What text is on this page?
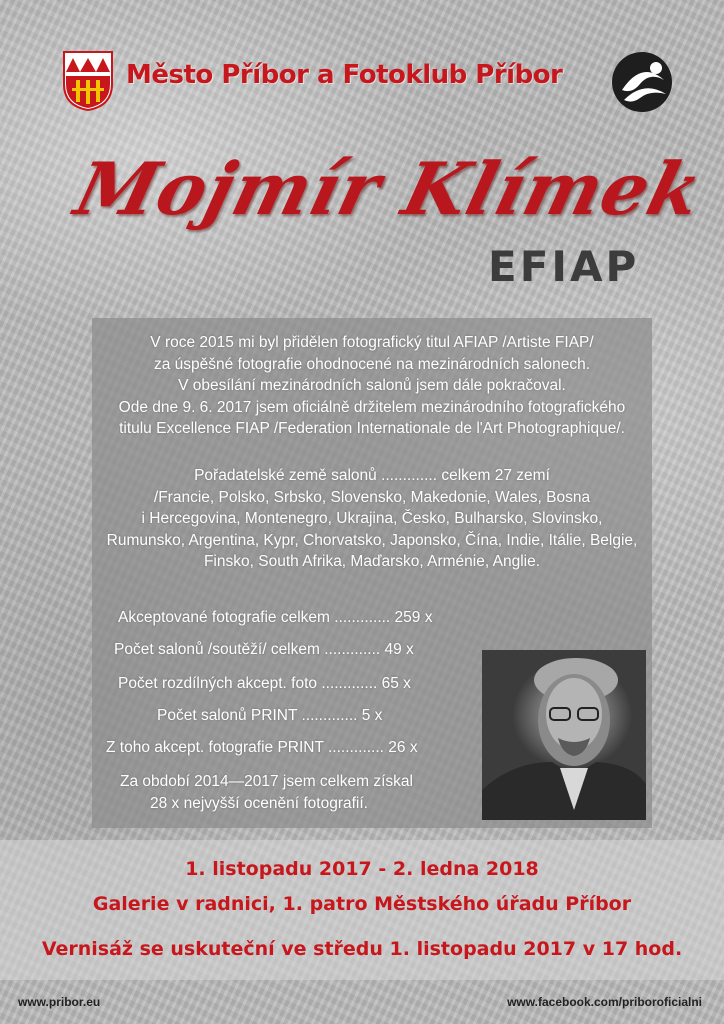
Město Příbor a Fotoklub Příbor
Mojmír Klímek
EFIAP
V roce 2015 mi byl přidělen fotografický titul AFIAP /Artiste FIAP/
za úspěšné fotografie ohodnocené na mezinárodních salonech.
V obesílání mezinárodních salonů jsem dále pokračoval.
Ode dne 9. 6. 2017 jsem oficiálně držitelem mezinárodního fotografického
titulu Excellence FIAP /Federation Internationale de l'Art Photographique/.
Pořadatelské země salonů ............. celkem 27 zemí
/Francie, Polsko, Srbsko, Slovensko, Makedonie, Wales, Bosna
i Hercegovina, Montenegro, Ukrajina, Česko, Bulharsko, Slovinsko,
Rumunsko, Argentina, Kypr, Chorvatsko, Japonsko, Čína, Indie, Itálie, Belgie,
Finsko, South Afrika, Maďarsko, Arménie, Anglie.
Akceptované fotografie celkem ............. 259 x
Počet salonů /soutěží/ celkem ............. 49 x
Počet rozdílných akcept. foto ............. 65 x
Počet salonů PRINT ............. 5 x
Z toho akcept. fotografie PRINT ............. 26 x
Za období 2014—2017 jsem celkem získal
28 x nejvyšší ocenění fotografií.
1. listopadu 2017 - 2. ledna 2018
Galerie v radnici, 1. patro Městského úřadu Příbor
Vernisáž se uskuteční ve středu 1. listopadu 2017 v 17 hod.
www.pribor.eu	www.facebook.com/priboroficialni
